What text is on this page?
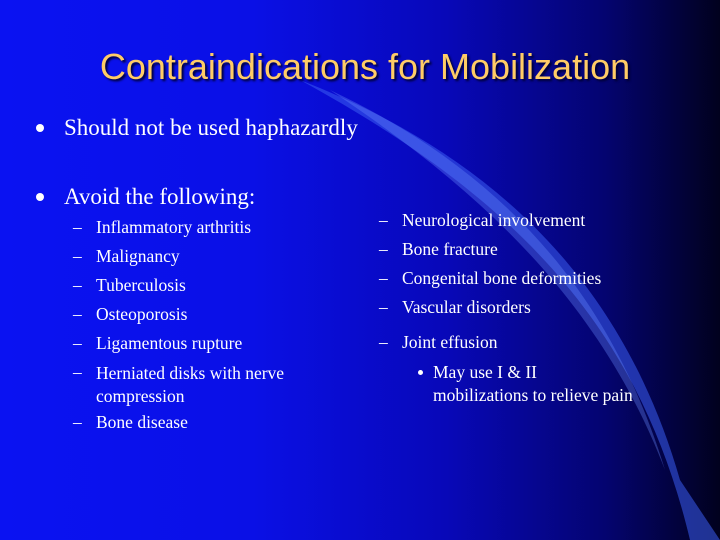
Contraindications for Mobilization
Should not be used haphazardly
Avoid the following:
– Inflammatory arthritis
– Malignancy
– Tuberculosis
– Osteoporosis
– Ligamentous rupture
– Herniated disks with nerve compression
– Bone disease
– Neurological involvement
– Bone fracture
– Congenital bone deformities
– Vascular disorders
– Joint effusion
May use I & II mobilizations to relieve pain
